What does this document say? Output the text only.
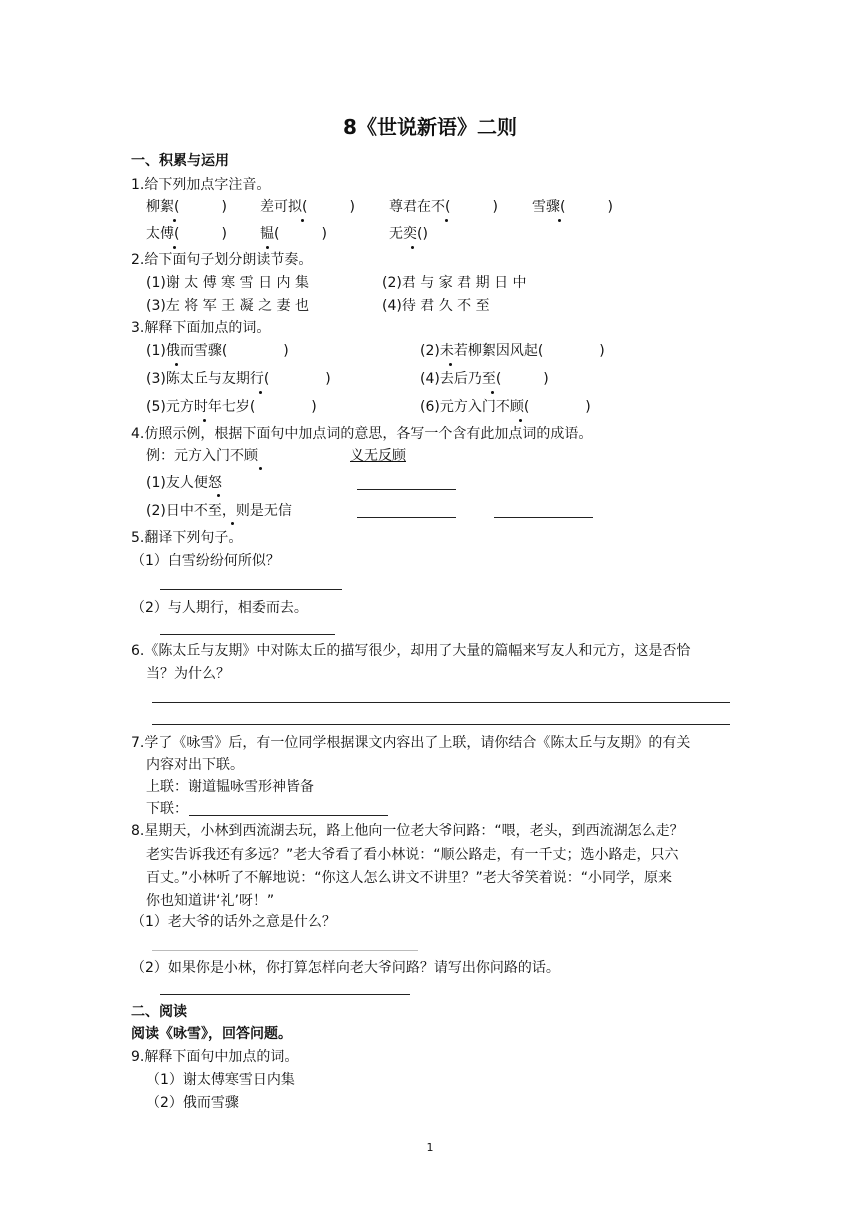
8《世说新语》二则
一、积累与运用
1.给下列加点字注音。
柳絮(　　　) 差可拟(　　　) 尊君在不(　　　) 雪骤(　　　)
太傅(　　　) 韫(　　　)	无奕()
2.给下面句子划分朗读节奏。
(1)谢 太 傅 寒 雪 日 内 集	(2)君 与 家 君 期 日 中
(3)左 将 军 王 凝 之 妻 也	(4)待 君 久 不 至
3.解释下面加点的词。
(1)俄而雪骤(　　　　)	(2)未若柳絮因风起(　　　　)
(3)陈太丘与友期行(　　　　)	(4)去后乃至(　　　)
(5)元方时年七岁(　　　　)	(6)元方入门不顾(　　　　)
4.仿照示例，根据下面句中加点词的意思，各写一个含有此加点词的成语。
例：元方入门不顾	义无反顾
(1)友人便怒
(2)日中不至，则是无信
5.翻译下列句子。
（1）白雪纷纷何所似？
（2）与人期行，相委而去。
6.《陈太丘与友期》中对陈太丘的描写很少，却用了大量的篇幅来写友人和元方，这是否恰
当？为什么？
7.学了《咏雪》后，有一位同学根据课文内容出了上联，请你结合《陈太丘与友期》的有关
内容对出下联。
上联：谢道韫咏雪形神皆备
下联：
8.星期天，小林到西流湖去玩，路上他向一位老大爷问路：“喂，老头，到西流湖怎么走？
老实告诉我还有多远？”老大爷看了看小林说：“顺公路走，有一千丈；选小路走，只六
百丈。”小林听了不解地说：“你这人怎么讲文不讲里？”老大爷笑着说：“小同学，原来
你也知道讲‘礼’呀！”
（1）老大爷的话外之意是什么？
（2）如果你是小林，你打算怎样向老大爷问路？请写出你问路的话。
二、阅读
阅读《咏雪》，回答问题。
9.解释下面句中加点的词。
（1）谢太傅寒雪日内集
（2）俄而雪骤
1
